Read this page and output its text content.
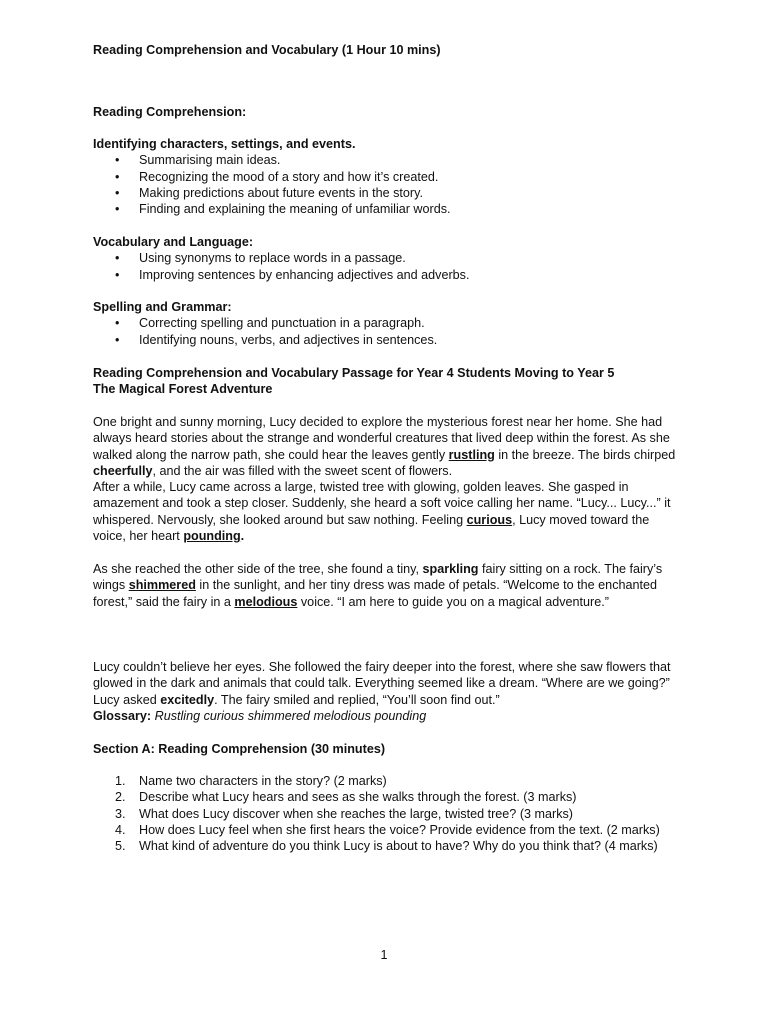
Reading Comprehension and Vocabulary (1 Hour 10 mins)
Reading Comprehension:
Identifying characters, settings, and events.
• Summarising main ideas.
• Recognizing the mood of a story and how it’s created.
• Making predictions about future events in the story.
• Finding and explaining the meaning of unfamiliar words.
Vocabulary and Language:
• Using synonyms to replace words in a passage.
• Improving sentences by enhancing adjectives and adverbs.
Spelling and Grammar:
• Correcting spelling and punctuation in a paragraph.
• Identifying nouns, verbs, and adjectives in sentences.
Reading Comprehension and Vocabulary Passage for Year 4 Students Moving to Year 5
The Magical Forest Adventure

One bright and sunny morning, Lucy decided to explore the mysterious forest near her home. She had always heard stories about the strange and wonderful creatures that lived deep within the forest. As she walked along the narrow path, she could hear the leaves gently rustling in the breeze. The birds chirped cheerfully, and the air was filled with the sweet scent of flowers.

After a while, Lucy came across a large, twisted tree with glowing, golden leaves. She gasped in amazement and took a step closer. Suddenly, she heard a soft voice calling her name. “Lucy... Lucy...” it whispered. Nervously, she looked around but saw nothing. Feeling curious, Lucy moved toward the voice, her heart pounding.

As she reached the other side of the tree, she found a tiny, sparkling fairy sitting on a rock. The fairy’s wings shimmered in the sunlight, and her tiny dress was made of petals. “Welcome to the enchanted forest,” said the fairy in a melodious voice. “I am here to guide you on a magical adventure.”

Lucy couldn’t believe her eyes. She followed the fairy deeper into the forest, where she saw flowers that glowed in the dark and animals that could talk. Everything seemed like a dream. “Where are we going?” Lucy asked excitedly. The fairy smiled and replied, “You’ll soon find out.”

Glossary: Rustling curious shimmered melodious pounding

Section A: Reading Comprehension (30 minutes)
1. Name two characters in the story? (2 marks)
2. Describe what Lucy hears and sees as she walks through the forest. (3 marks)
3. What does Lucy discover when she reaches the large, twisted tree? (3 marks)
4. How does Lucy feel when she first hears the voice? Provide evidence from the text. (2 marks)
5. What kind of adventure do you think Lucy is about to have? Why do you think that? (4 marks)
1
